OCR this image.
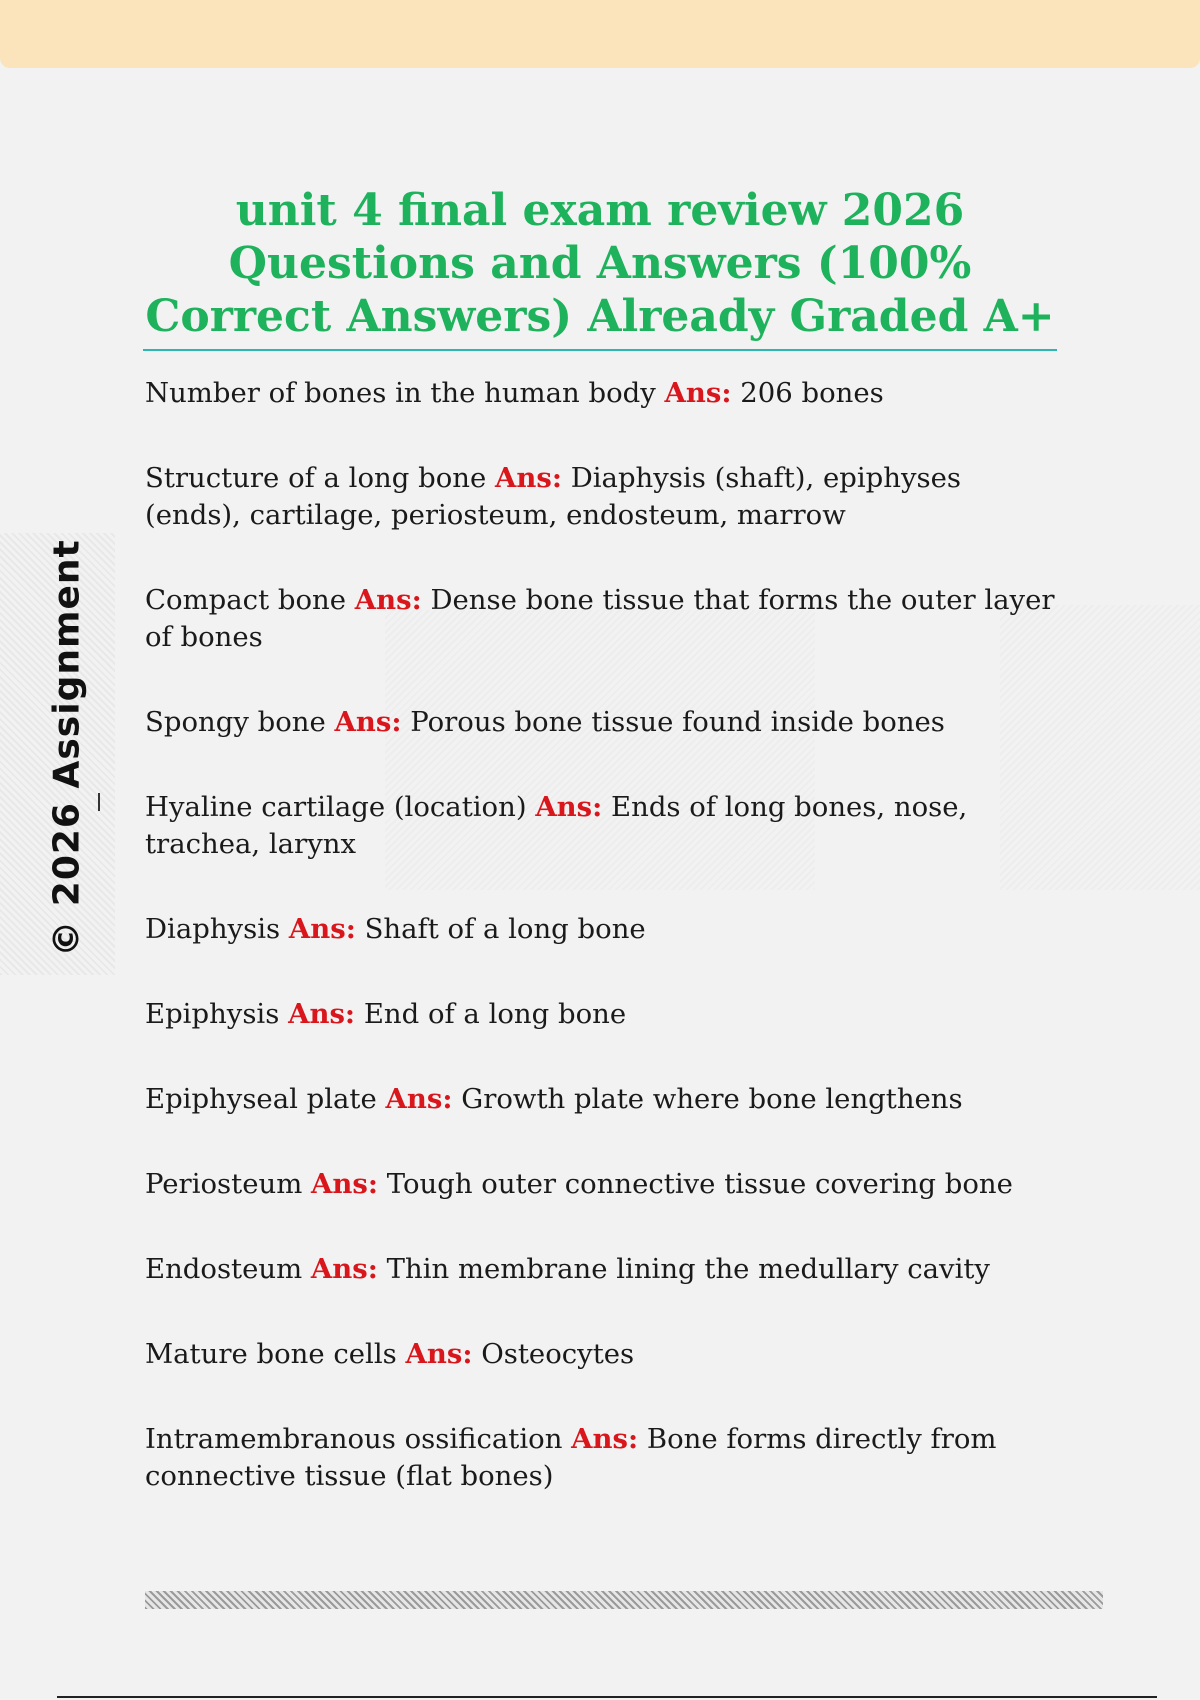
© 2026 Assignment
unit 4 final exam review 2026 Questions and Answers (100% Correct Answers) Already Graded A+

Number of bones in the human body Ans: 206 bones

Structure of a long bone Ans: Diaphysis (shaft), epiphyses (ends), cartilage, periosteum, endosteum, marrow

Compact bone Ans: Dense bone tissue that forms the outer layer of bones

Spongy bone Ans: Porous bone tissue found inside bones

Hyaline cartilage (location) Ans: Ends of long bones, nose, trachea, larynx

Diaphysis Ans: Shaft of a long bone

Epiphysis Ans: End of a long bone

Epiphyseal plate Ans: Growth plate where bone lengthens

Periosteum Ans: Tough outer connective tissue covering bone

Endosteum Ans: Thin membrane lining the medullary cavity

Mature bone cells Ans: Osteocytes

Intramembranous ossification Ans: Bone forms directly from connective tissue (flat bones)
